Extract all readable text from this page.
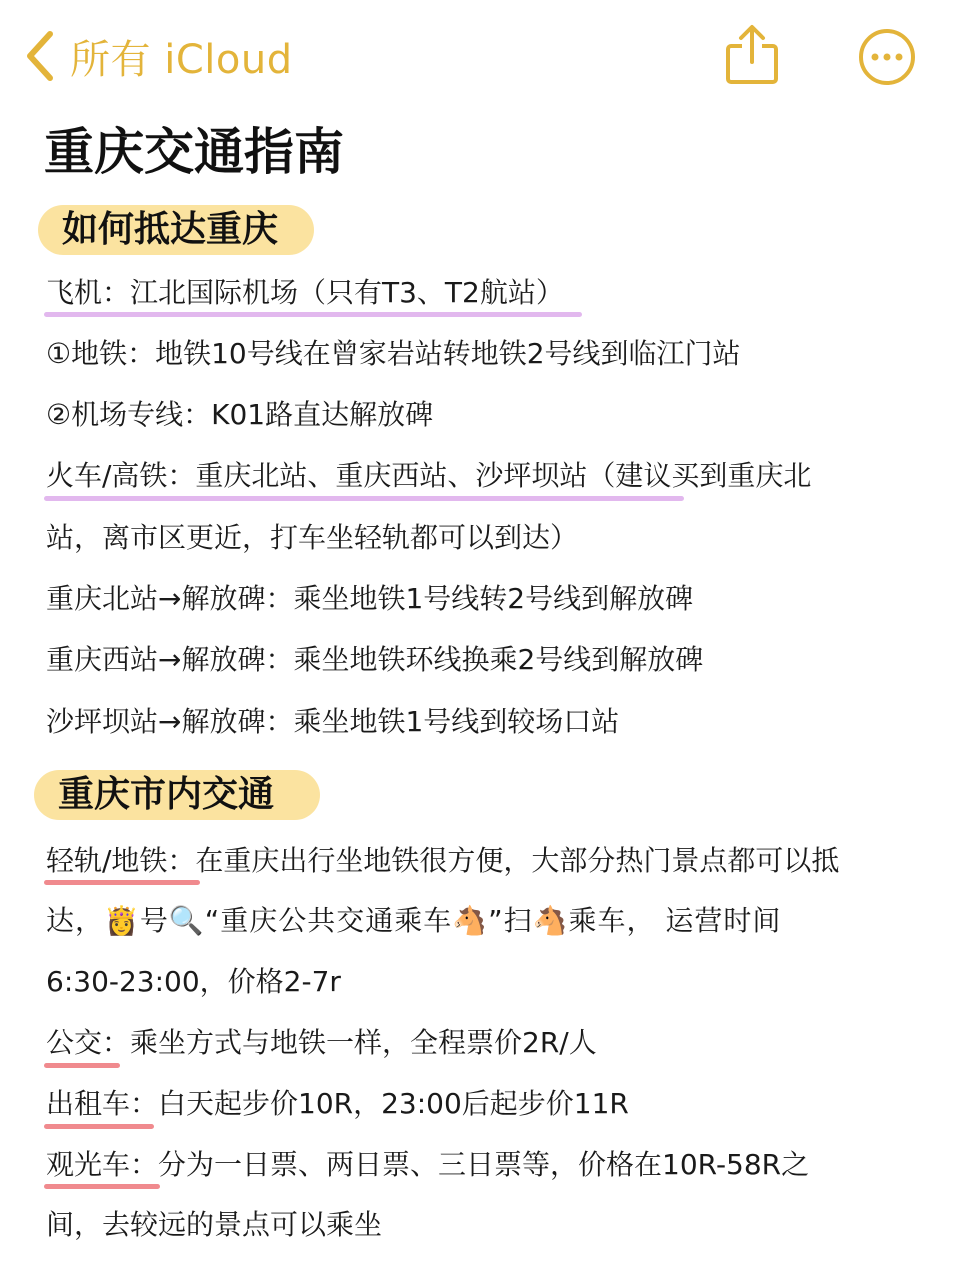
所有 iCloud
重庆交通指南
如何抵达重庆
飞机：江北国际机场（只有T3、T2航站）
①地铁：地铁10号线在曾家岩站转地铁2号线到临江门站
②机场专线：K01路直达解放碑
火车/高铁：重庆北站、重庆西站、沙坪坝站（建议买到重庆北
站，离市区更近，打车坐轻轨都可以到达）
重庆北站→解放碑：乘坐地铁1号线转2号线到解放碑
重庆西站→解放碑：乘坐地铁环线换乘2号线到解放碑
沙坪坝站→解放碑：乘坐地铁1号线到较场口站
重庆市内交通
轻轨/地铁：在重庆出行坐地铁很方便，大部分热门景点都可以抵
达，👸号🔍“重庆公共交通乘车🐴”扫🐴乘车， 运营时间
6:30-23:00，价格2-7r
公交：乘坐方式与地铁一样，全程票价2R/人
出租车：白天起步价10R，23:00后起步价11R
观光车：分为一日票、两日票、三日票等，价格在10R-58R之
间，去较远的景点可以乘坐
